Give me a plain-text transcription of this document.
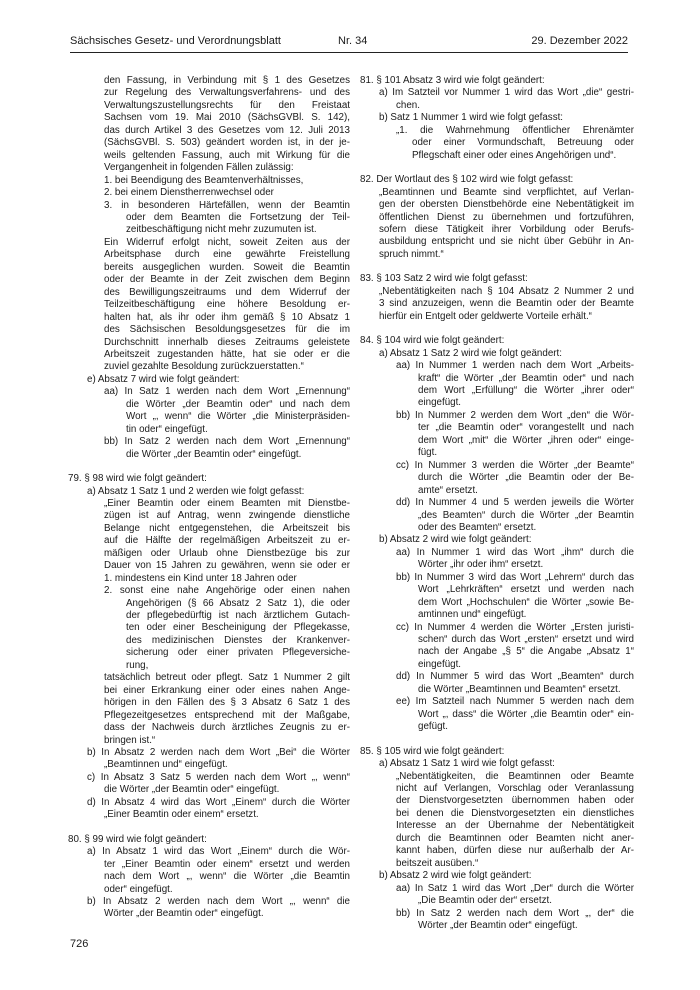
Sächsisches Gesetz- und Verordnungsblatt	Nr. 34	29. Dezember 2022
den Fassung, in Verbindung mit § 1 des Gesetzes
zur Regelung des Verwaltungsverfahrens- und des
Verwaltungszustellungsrechts für den Freistaat
Sachsen vom 19. Mai 2010 (SächsGVBl. S. 142),
das durch Artikel 3 des Gesetzes vom 12. Juli 2013
(SächsGVBl. S. 503) geändert worden ist, in der je-
weils geltenden Fassung, auch mit Wirkung für die
Vergangenheit in folgenden Fällen zulässig:
1. bei Beendigung des Beamtenverhältnisses,
2. bei einem Dienstherrenwechsel oder
3. in besonderen Härtefällen, wenn der Beamtin
oder dem Beamten die Fortsetzung der Teil-
zeitbeschäftigung nicht mehr zuzumuten ist.
Ein Widerruf erfolgt nicht, soweit Zeiten aus der
Arbeitsphase durch eine gewährte Freistellung
bereits ausgeglichen wurden. Soweit die Beamtin
oder der Beamte in der Zeit zwischen dem Beginn
des Bewilligungszeitraums und dem Widerruf der
Teilzeitbeschäftigung eine höhere Besoldung er-
halten hat, als ihr oder ihm gemäß § 10 Absatz 1
des Sächsischen Besoldungsgesetzes für die im
Durchschnitt innerhalb dieses Zeitraums geleistete
Arbeitszeit zugestanden hätte, hat sie oder er die
zuviel gezahlte Besoldung zurückzuerstatten.“
e) Absatz 7 wird wie folgt geändert:
aa) In Satz 1 werden nach dem Wort „Ernennung“
die Wörter „der Beamtin oder“ und nach dem
Wort „, wenn“ die Wörter „die Ministerpräsiden-
tin oder“ eingefügt.
bb) In Satz 2 werden nach dem Wort „Ernennung“
die Wörter „der Beamtin oder“ eingefügt.
79. § 98 wird wie folgt geändert:
a) Absatz 1 Satz 1 und 2 werden wie folgt gefasst:
„Einer Beamtin oder einem Beamten mit Dienstbe-
zügen ist auf Antrag, wenn zwingende dienstliche
Belange nicht entgegenstehen, die Arbeitszeit bis
auf die Hälfte der regelmäßigen Arbeitszeit zu er-
mäßigen oder Urlaub ohne Dienstbezüge bis zur
Dauer von 15 Jahren zu gewähren, wenn sie oder er
1. mindestens ein Kind unter 18 Jahren oder
2. sonst eine nahe Angehörige oder einen nahen
Angehörigen (§ 66 Absatz 2 Satz 1), die oder
der pflegebedürftig ist nach ärztlichem Gutach-
ten oder einer Bescheinigung der Pflegekasse,
des medizinischen Dienstes der Krankenver-
sicherung oder einer privaten Pflegeversiche-
rung,
tatsächlich betreut oder pflegt. Satz 1 Nummer 2 gilt
bei einer Erkrankung einer oder eines nahen Ange-
hörigen in den Fällen des § 3 Absatz 6 Satz 1 des
Pflegezeitgesetzes entsprechend mit der Maßgabe,
dass der Nachweis durch ärztliches Zeugnis zu er-
bringen ist.“
b) In Absatz 2 werden nach dem Wort „Bei“ die Wörter
„Beamtinnen und“ eingefügt.
c) In Absatz 3 Satz 5 werden nach dem Wort „, wenn“
die Wörter „der Beamtin oder“ eingefügt.
d) In Absatz 4 wird das Wort „Einem“ durch die Wörter
„Einer Beamtin oder einem“ ersetzt.
80. § 99 wird wie folgt geändert:
a) In Absatz 1 wird das Wort „Einem“ durch die Wör-
ter „Einer Beamtin oder einem“ ersetzt und werden
nach dem Wort „, wenn“ die Wörter „die Beamtin
oder“ eingefügt.
b) In Absatz 2 werden nach dem Wort „, wenn“ die
Wörter „der Beamtin oder“ eingefügt.
81. § 101 Absatz 3 wird wie folgt geändert:
a) Im Satzteil vor Nummer 1 wird das Wort „die“ gestri-
chen.
b) Satz 1 Nummer 1 wird wie folgt gefasst:
„1. die Wahrnehmung öffentlicher Ehrenämter
oder einer Vormundschaft, Betreuung oder
Pflegschaft einer oder eines Angehörigen und“.
82. Der Wortlaut des § 102 wird wie folgt gefasst:
„Beamtinnen und Beamte sind verpflichtet, auf Verlan-
gen der obersten Dienstbehörde eine Nebentätigkeit im
öffentlichen Dienst zu übernehmen und fortzuführen,
sofern diese Tätigkeit ihrer Vorbildung oder Berufs-
ausbildung entspricht und sie nicht über Gebühr in An-
spruch nimmt.“
83. § 103 Satz 2 wird wie folgt gefasst:
„Nebentätigkeiten nach § 104 Absatz 2 Nummer 2 und
3 sind anzuzeigen, wenn die Beamtin oder der Beamte
hierfür ein Entgelt oder geldwerte Vorteile erhält.“
84. § 104 wird wie folgt geändert:
a) Absatz 1 Satz 2 wird wie folgt geändert:
aa) In Nummer 1 werden nach dem Wort „Arbeits-
kraft“ die Wörter „der Beamtin oder“ und nach
dem Wort „Erfüllung“ die Wörter „ihrer oder“
eingefügt.
bb) In Nummer 2 werden dem Wort „den“ die Wör-
ter „die Beamtin oder“ vorangestellt und nach
dem Wort „mit“ die Wörter „ihren oder“ einge-
fügt.
cc) In Nummer 3 werden die Wörter „der Beamte“
durch die Wörter „die Beamtin oder der Be-
amte“ ersetzt.
dd) In Nummer 4 und 5 werden jeweils die Wörter
„des Beamten“ durch die Wörter „der Beamtin
oder des Beamten“ ersetzt.
b) Absatz 2 wird wie folgt geändert:
aa) In Nummer 1 wird das Wort „ihm“ durch die
Wörter „ihr oder ihm“ ersetzt.
bb) In Nummer 3 wird das Wort „Lehrern“ durch das
Wort „Lehrkräften“ ersetzt und werden nach
dem Wort „Hochschulen“ die Wörter „sowie Be-
amtinnen und“ eingefügt.
cc) In Nummer 4 werden die Wörter „Ersten juristi-
schen“ durch das Wort „ersten“ ersetzt und wird
nach der Angabe „§ 5“ die Angabe „Absatz 1“
eingefügt.
dd) In Nummer 5 wird das Wort „Beamten“ durch
die Wörter „Beamtinnen und Beamten“ ersetzt.
ee) Im Satzteil nach Nummer 5 werden nach dem
Wort „, dass“ die Wörter „die Beamtin oder“ ein-
gefügt.
85. § 105 wird wie folgt geändert:
a) Absatz 1 Satz 1 wird wie folgt gefasst:
„Nebentätigkeiten, die Beamtinnen oder Beamte
nicht auf Verlangen, Vorschlag oder Veranlassung
der Dienstvorgesetzten übernommen haben oder
bei denen die Dienstvorgesetzten ein dienstliches
Interesse an der Übernahme der Nebentätigkeit
durch die Beamtinnen oder Beamten nicht aner-
kannt haben, dürfen diese nur außerhalb der Ar-
beitszeit ausüben.“
b) Absatz 2 wird wie folgt geändert:
aa) In Satz 1 wird das Wort „Der“ durch die Wörter
„Die Beamtin oder der“ ersetzt.
bb) In Satz 2 werden nach dem Wort „, der“ die
Wörter „der Beamtin oder“ eingefügt.
726
